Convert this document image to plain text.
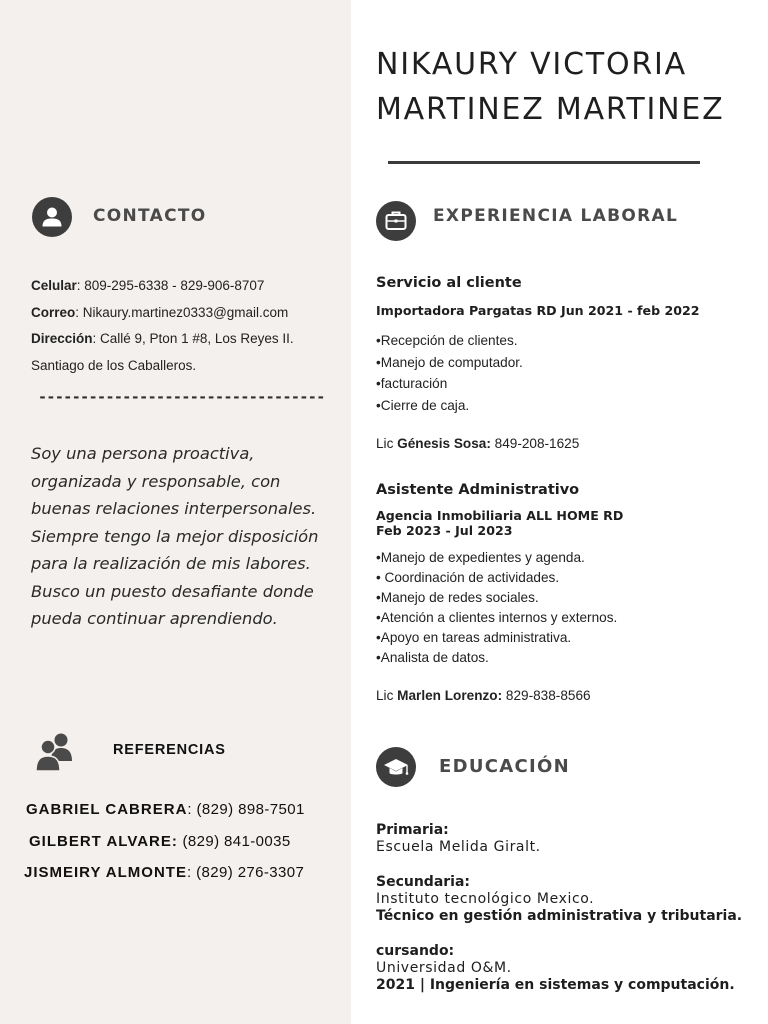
NIKAURY VICTORIA
MARTINEZ MARTINEZ
CONTACTO
Celular: 809-295-6338 - 829-906-8707
Correo: Nikaury.martinez0333@gmail.com
Dirección: Callé 9, Pton 1 #8, Los Reyes II.
Santiago de los Caballeros.
----------------------------------
Soy una persona proactiva,
organizada y responsable, con
buenas relaciones interpersonales.
Siempre tengo la mejor disposición
para la realización de mis labores.
Busco un puesto desafiante donde
pueda continuar aprendiendo.
REFERENCIAS
GABRIEL CABRERA: (829) 898-7501
GILBERT ALVARE: (829) 841-0035
JISMEIRY ALMONTE: (829) 276-3307
EXPERIENCIA LABORAL
Servicio al cliente
Importadora Pargatas RD Jun 2021 - feb 2022
•Recepción de clientes.
•Manejo de computador.
•facturación
•Cierre de caja.
Lic Génesis Sosa: 849-208-1625
Asistente Administrativo
Agencia Inmobiliaria ALL HOME RD
Feb 2023 - Jul 2023
•Manejo de expedientes y agenda.
• Coordinación de actividades.
•Manejo de redes sociales.
•Atención a clientes internos y externos.
•Apoyo en tareas administrativa.
•Analista de datos.
Lic Marlen Lorenzo: 829-838-8566
EDUCACIÓN
Primaria:
Escuela Melida Giralt.
Secundaria:
Instituto tecnológico Mexico.
Técnico en gestión administrativa y tributaria.
cursando:
Universidad O&M.
2021 | Ingeniería en sistemas y computación.
